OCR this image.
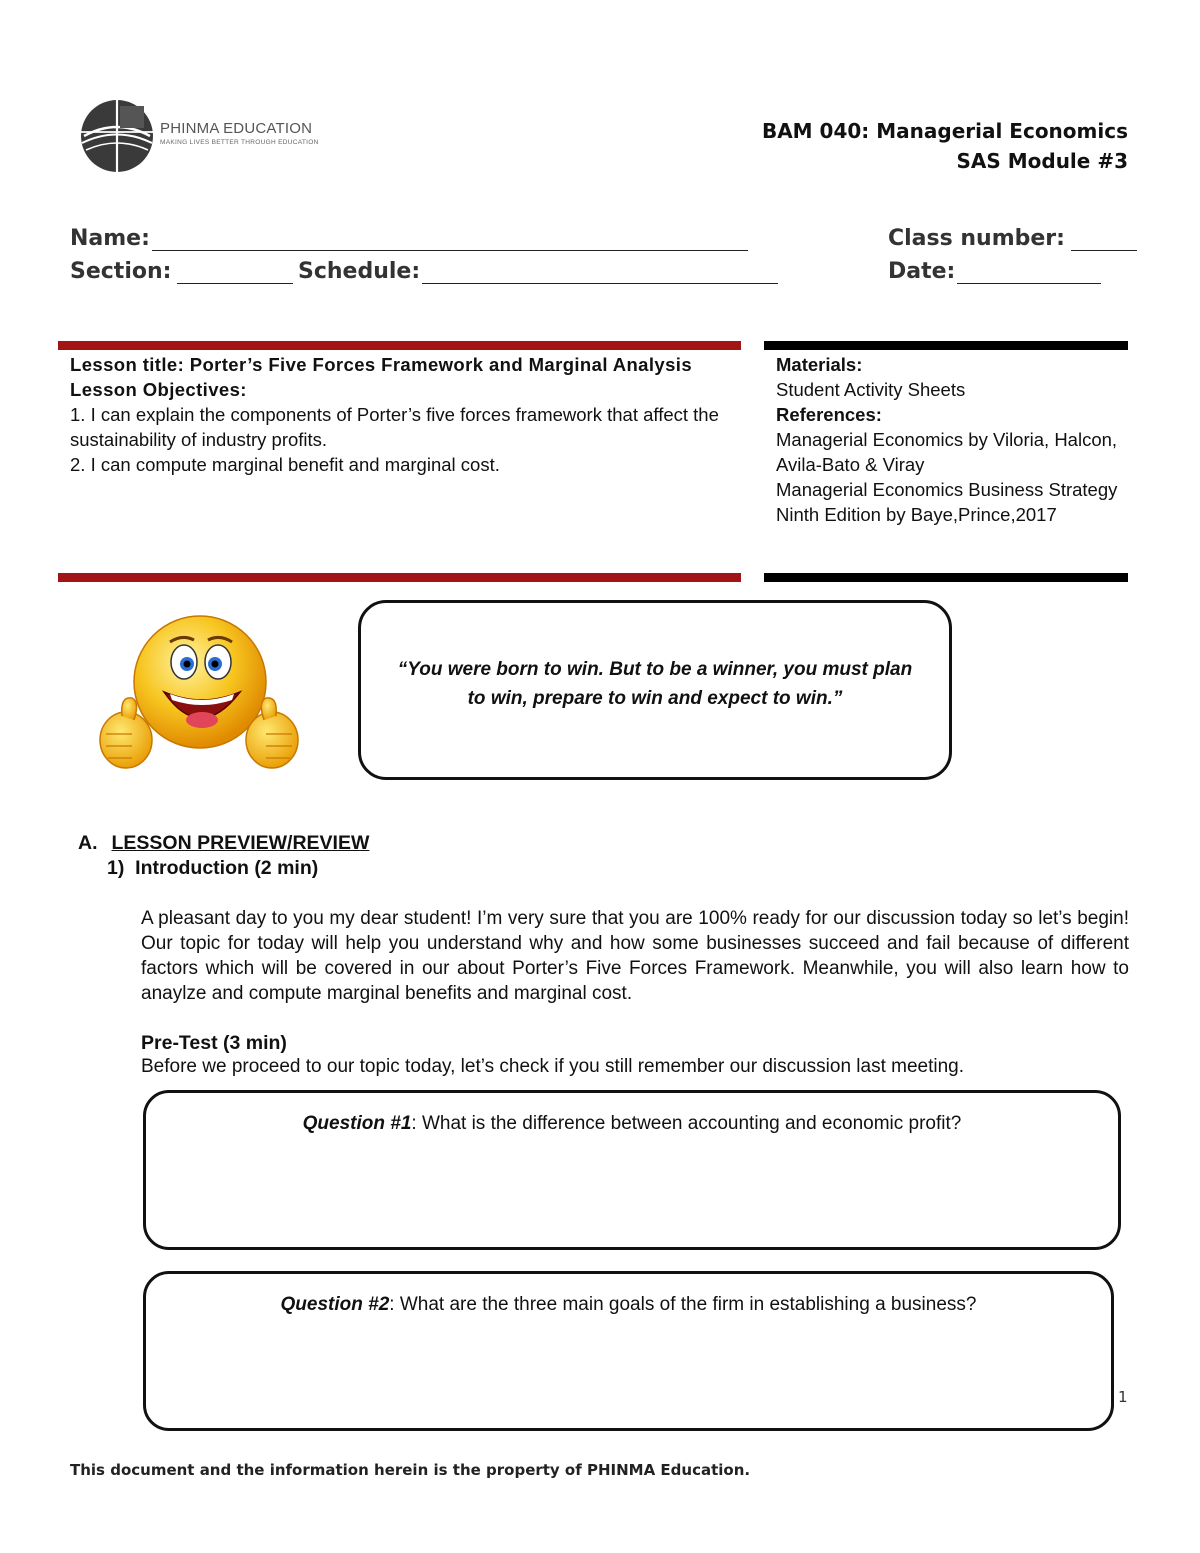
PHINMA EDUCATION
MAKING LIVES BETTER THROUGH EDUCATION	BAM 040: Managerial Economics
SAS Module #3
Name:	Class number:
Section:	Schedule:	Date:
Lesson title: Porter’s Five Forces Framework and Marginal Analysis
Lesson Objectives:
1. I can explain the components of Porter’s five forces framework that affect the sustainability of industry profits.
2. I can compute marginal benefit and marginal cost.
Materials:
Student Activity Sheets
References:
Managerial Economics by Viloria, Halcon, Avila-Bato & Viray
Managerial Economics Business Strategy Ninth Edition by Baye,Prince,2017
“You were born to win. But to be a winner, you must plan to win, prepare to win and expect to win.”
A. LESSON PREVIEW/REVIEW
1)  Introduction (2 min)
A pleasant day to you my dear student! I’m very sure that you are 100% ready for our discussion today so let’s begin! Our topic for today will help you understand why and how some businesses succeed and fail because of different factors which will be covered in our about Porter’s Five Forces Framework. Meanwhile, you will also learn how to anaylze and compute marginal benefits and marginal cost.
Pre-Test (3 min)
Before we proceed to our topic today, let’s check if you still remember our discussion last meeting.
Question #1: What is the difference between accounting and economic profit?
Question #2: What are the three main goals of the firm in establishing a business?
1
This document and the information herein is the property of PHINMA Education.
